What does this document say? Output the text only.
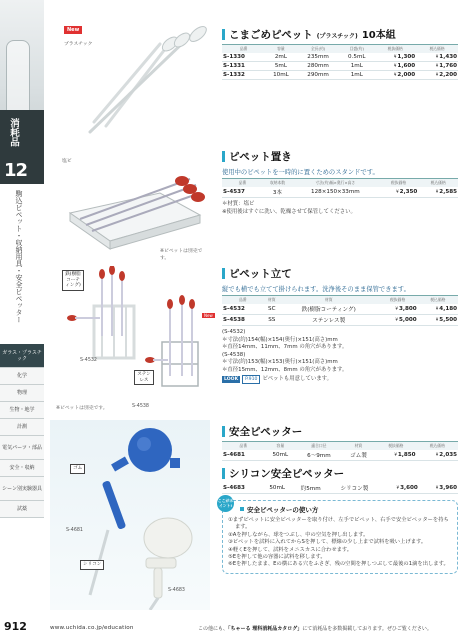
消耗品
12
駒込ピペット・収納用具・安全ピペッター
ガラス・プラスチック
化学
物理
生物・地学
計測
電気パーツ・部品
安全・収納
シーン別実験器具
試薬
New
プラスチック
こまごめピペット (プラスチック) 10本組
品番	容量	全長(約)	目盛(約)	税抜価格	税込価格
S-1330	2mL	235mm	0.5mL	¥1,300	¥1,430
S-1331	5mL	280mm	1mL	¥1,600	¥1,760
S-1332	10mL	290mm	1mL	¥2,000	¥2,200
塩ビ
※ピペットは別売です。
ピペット置き
使用中のピペットを一時的に置くためのスタンドです。
品番	収納本数	寸法(約)幅×奥行×高さ	税抜価格	税込価格
S-4537	3本	128×150×33mm	¥2,350	¥2,585
＊材質：塩ビ
※使用後はすぐに洗い、乾燥させて保管してください。
鉄(樹脂コーティング)
S-4532
ステンレス
※ピペットは別売です。	S-4538
ピペット立て
縦でも横でも立てて掛けられます。洗浄後そのまま保管できます。
品番	材質	材質	税抜価格	税込価格
S-4532	SC	鉄(樹脂コーティング)	¥3,800	¥4,180
S-4538	SS	ステンレス製	¥5,000	¥5,500
(S-4532)
＊寸法(約)154(幅)×154(奥行)×151(高さ)mm
＊直径14mm、11mm、7mm の角穴があります。
(S-4538)
＊寸法(約)153(幅)×153(奥行)×151(高さ)mm
＊直径15mm、12mm、8mm の角穴があります。
LOOK P.910 ピペットも用意しています。
New
ゴム
S-4681
シリコン
S-4683
安全ピペッター
品番	容量	適合口径	材質	税抜価格	税込価格
S-4681	50mL	6〜9mm	ゴム製	¥1,850	¥2,035
シリコン安全ピペッター
S-4683	50mL	約5mm	シリコン製	¥3,600	¥3,960
ここがポイント!
安全ピペッターの使い方
①まずピペットに安全ピペッターを取り付け、左手でピペット、右手で安全ピペッターを持ちます。
②Aを押しながら、球をつぶし、中の空気を押し出します。
③ピペットを試料に入れてからSを押して、標線の少し上まで試料を吸い上げます。
④軽くEを押して、試料をメニスカスに合わせます。
⑤Eを押して他の容器に試料を移します。
⑥Eを押したまま、Eの横にある穴をふさぎ、残の空間を押しつぶして最後の1滴を出します。
912	www.uchida.co.jp/education	この他にも、「ちゃーる 理科消耗品カタログ」にて消耗品を多数掲載しております。ぜひご覧ください。
